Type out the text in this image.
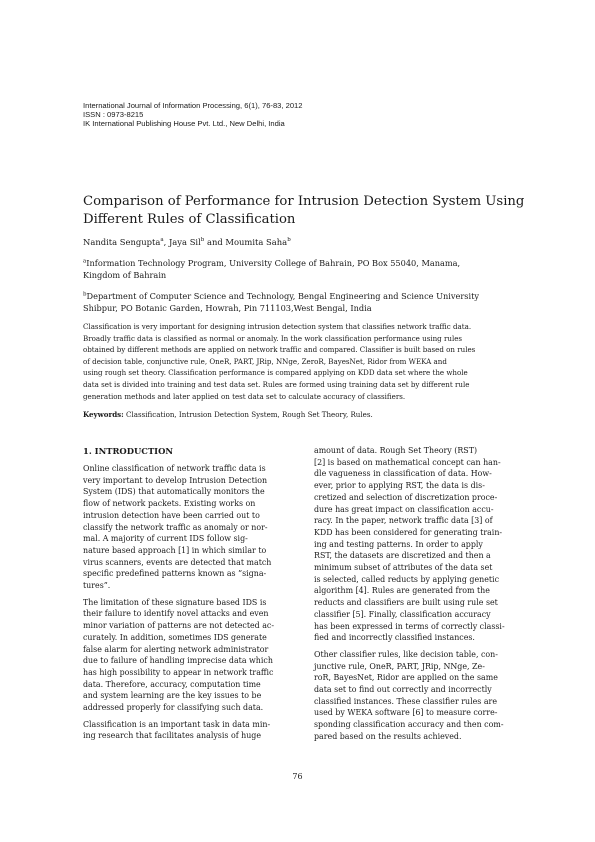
International Journal of Information Processing, 6(1), 76-83, 2012
ISSN : 0973-8215
IK International Publishing House Pvt. Ltd., New Delhi, India
Comparison of Performance for Intrusion Detection System Using
Different Rules of Classification
Nandita Sengupta$^a$, Jaya Sil$^b$ and Moumita Saha$^b$
$^a$Information Technology Program, University College of Bahrain, PO Box 55040, Manama,
Kingdom of Bahrain
$^b$Department of Computer Science and Technology, Bengal Engineering and Science University
Shibpur, PO Botanic Garden, Howrah, Pin 711103,West Bengal, India
Classification is very important for designing intrusion detection system that classifies network traffic data.
Broadly traffic data is classified as normal or anomaly. In the work classification performance using rules
obtained by different methods are applied on network traffic and compared. Classifier is built based on rules
of decision table, conjunctive rule, OneR, PART, JRip, NNge, ZeroR, BayesNet, Ridor from WEKA and
using rough set theory. Classification performance is compared applying on KDD data set where the whole
data set is divided into training and test data set. Rules are formed using training data set by different rule
generation methods and later applied on test data set to calculate accuracy of classifiers.
Keywords: Classification, Intrusion Detection System, Rough Set Theory, Rules.
1. INTRODUCTION
Online classification of network traffic data is
very important to develop Intrusion Detection
System (IDS) that automatically monitors the
flow of network packets. Existing works on
intrusion detection have been carried out to
classify the network traffic as anomaly or nor-
mal. A majority of current IDS follow sig-
nature based approach [1] in which similar to
virus scanners, events are detected that match
specific predefined patterns known as ”signa-
tures”.
The limitation of these signature based IDS is
their failure to identify novel attacks and even
minor variation of patterns are not detected ac-
curately. In addition, sometimes IDS generate
false alarm for alerting network administrator
due to failure of handling imprecise data which
has high possibility to appear in network traffic
data. Therefore, accuracy, computation time
and system learning are the key issues to be
addressed properly for classifying such data.
Classification is an important task in data min-
ing research that facilitates analysis of huge
amount of data. Rough Set Theory (RST)
[2] is based on mathematical concept can han-
dle vagueness in classification of data. How-
ever, prior to applying RST, the data is dis-
cretized and selection of discretization proce-
dure has great impact on classification accu-
racy. In the paper, network traffic data [3] of
KDD has been considered for generating train-
ing and testing patterns. In order to apply
RST, the datasets are discretized and then a
minimum subset of attributes of the data set
is selected, called reducts by applying genetic
algorithm [4]. Rules are generated from the
reducts and classifiers are built using rule set
classifier [5]. Finally, classification accuracy
has been expressed in terms of correctly classi-
fied and incorrectly classified instances.
Other classifier rules, like decision table, con-
junctive rule, OneR, PART, JRip, NNge, Ze-
roR, BayesNet, Ridor are applied on the same
data set to find out correctly and incorrectly
classified instances. These classifier rules are
used by WEKA software [6] to measure corre-
sponding classification accuracy and then com-
pared based on the results achieved.
76
